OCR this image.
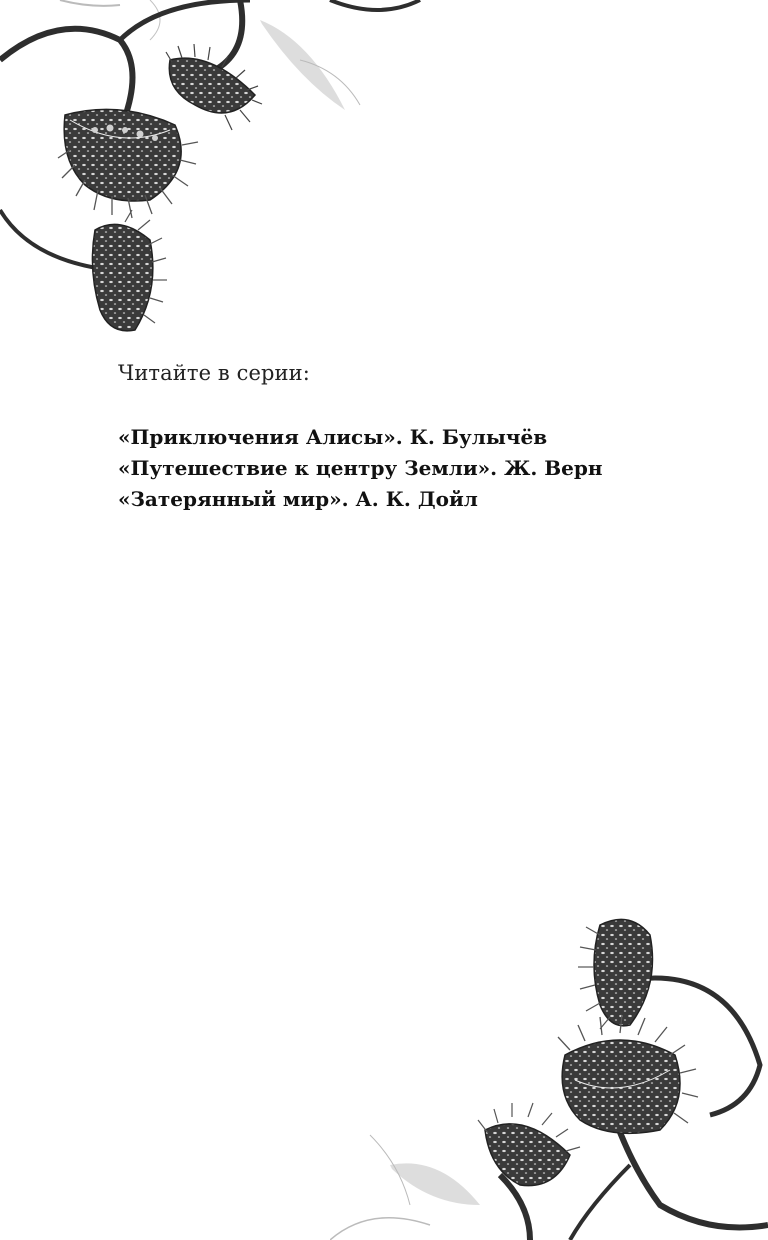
Читайте в серии:

«Приключения Алисы». К. Булычёв
«Путешествие к центру Земли». Ж. Верн
«Затерянный мир». А. К. Дойл
